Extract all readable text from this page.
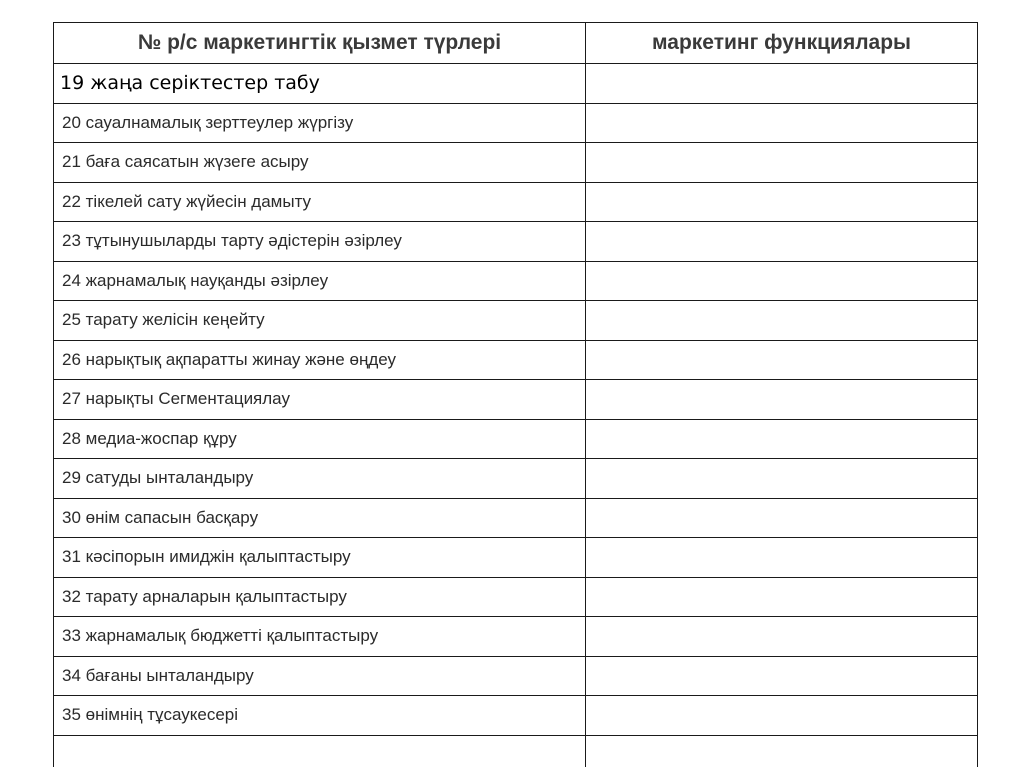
№ р/с маркетингтік қызмет түрлері	маркетинг функциялары
19 жаңа серіктестер табу	
20 сауалнамалық зерттеулер жүргізу	
21 баға саясатын жүзеге асыру	
22 тікелей сату жүйесін дамыту	
23 тұтынушыларды тарту әдістерін әзірлеу	
24 жарнамалық науқанды әзірлеу	
25 тарату желісін кеңейту	
26 нарықтық ақпаратты жинау және өңдеу	
27 нарықты Сегментациялау	
28 медиа-жоспар құру	
29 сатуды ынталандыру	
30 өнім сапасын басқару	
31 кәсіпорын имиджін қалыптастыру	
32 тарату арналарын қалыптастыру	
33 жарнамалық бюджетті қалыптастыру	
34 бағаны ынталандыру	
35 өнімнің тұсаукесері	
